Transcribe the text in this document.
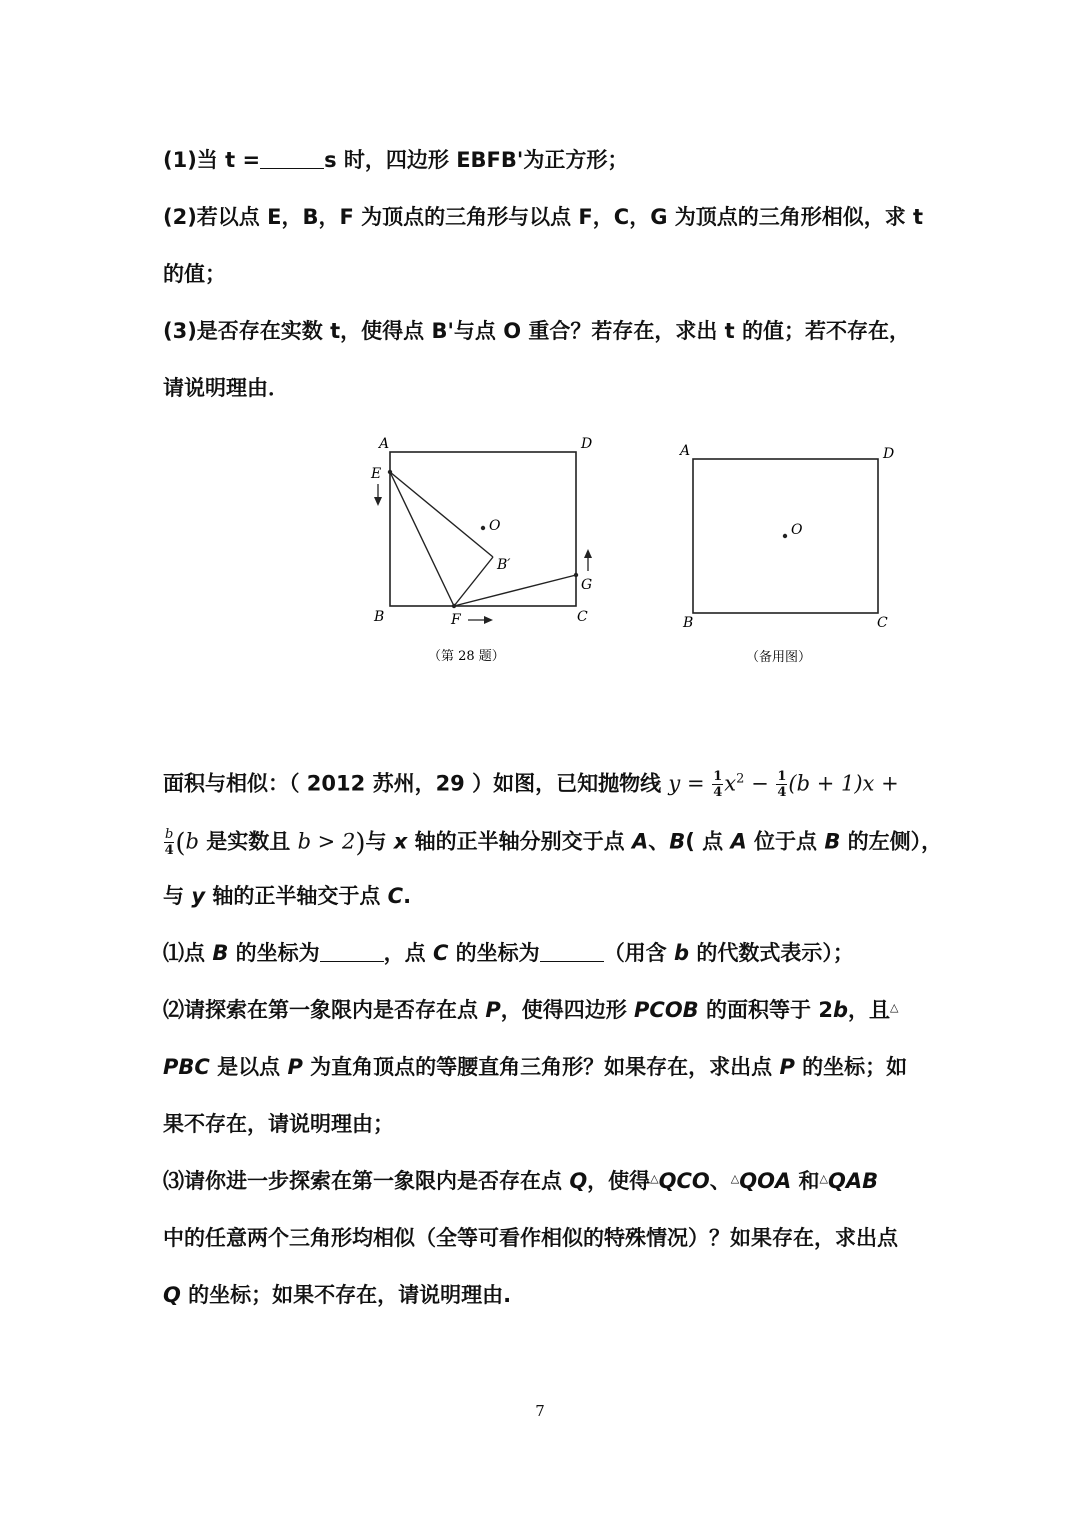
(1)当 t =	s 时，四边形 EBFB'为正方形；
(2)若以点 E，B，F 为顶点的三角形与以点 F，C，G 为顶点的三角形相似，求 t
的值；
(3)是否存在实数 t，使得点 B'与点 O 重合？若存在，求出 t 的值；若不存在，
请说明理由．
A	D
E
O
B′
G
B	F	C
（第 28 题）
A	D
O
B	C
（备用图）
面积与相似：（ 2012 苏州，29 ）如图，已知抛物线 $y = \frac{1}{4} x^2 - \frac{1}{4} (b + 1)x$ +
$\frac{b}{4} (b$ 是实数且 b > 2)与 x 轴的正半轴分别交于点 A、B( 点 A 位于点 B 的左侧），
与 y 轴的正半轴交于点 C.
⑴点 B 的坐标为	，点 C 的坐标为	（用含 b 的代数式表示）；
⑵请探索在第一象限内是否存在点 P，使得四边形 PCOB 的面积等于 2b，且△
PBC 是以点 P 为直角顶点的等腰直角三角形？如果存在，求出点 P 的坐标；如
果不存在，请说明理由；
⑶请你进一步探索在第一象限内是否存在点 Q，使得△QCO、△QOA 和△QAB
中的任意两个三角形均相似（全等可看作相似的特殊情况）？如果存在，求出点
Q 的坐标；如果不存在，请说明理由.
7
